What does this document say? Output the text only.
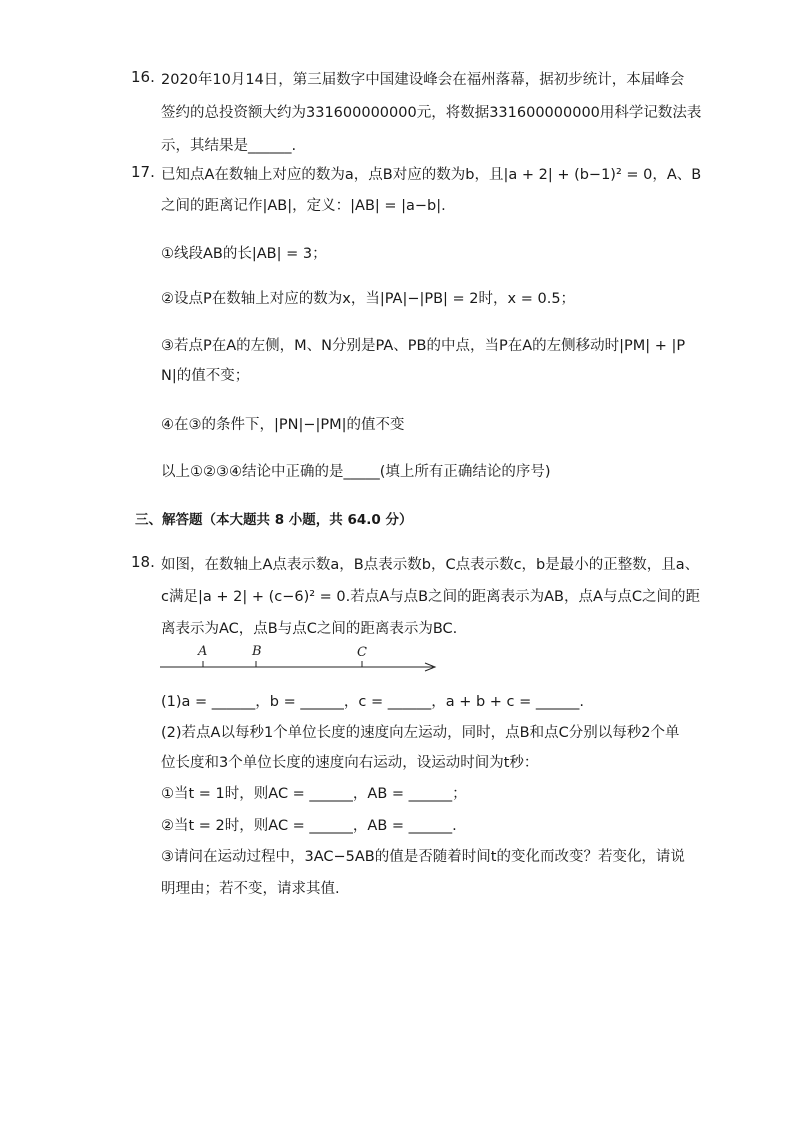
16. 2020年10月14日，第三届数字中国建设峰会在福州落幕，据初步统计，本届峰会
签约的总投资额大约为331600000000元，将数据331600000000用科学记数法表
示，其结果是______.
17. 已知点A在数轴上对应的数为a，点B对应的数为b，且|a + 2| + (b−1)² = 0，A、B
之间的距离记作|AB|，定义：|AB| = |a−b|.
①线段AB的长|AB| = 3；
②设点P在数轴上对应的数为x，当|PA|−|PB| = 2时，x = 0.5；
③若点P在A的左侧，M、N分别是PA、PB的中点，当P在A的左侧移动时|PM| + |P
N|的值不变；
④在③的条件下，|PN|−|PM|的值不变
以上①②③④结论中正确的是_____(填上所有正确结论的序号)
三、解答题（本大题共 8 小题，共 64.0 分）
18. 如图，在数轴上A点表示数a，B点表示数b，C点表示数c，b是最小的正整数，且a、
c满足|a + 2| + (c−6)² = 0.若点A与点B之间的距离表示为AB，点A与点C之间的距
离表示为AC，点B与点C之间的距离表示为BC.
A	B	C
(1)a = ______，b = ______，c = ______，a + b + c = ______.
(2)若点A以每秒1个单位长度的速度向左运动，同时，点B和点C分别以每秒2个单
位长度和3个单位长度的速度向右运动，设运动时间为t秒：
①当t = 1时，则AC = ______，AB = ______；
②当t = 2时，则AC = ______，AB = ______.
③请问在运动过程中，3AC−5AB的值是否随着时间t的变化而改变？若变化，请说
明理由；若不变，请求其值.
